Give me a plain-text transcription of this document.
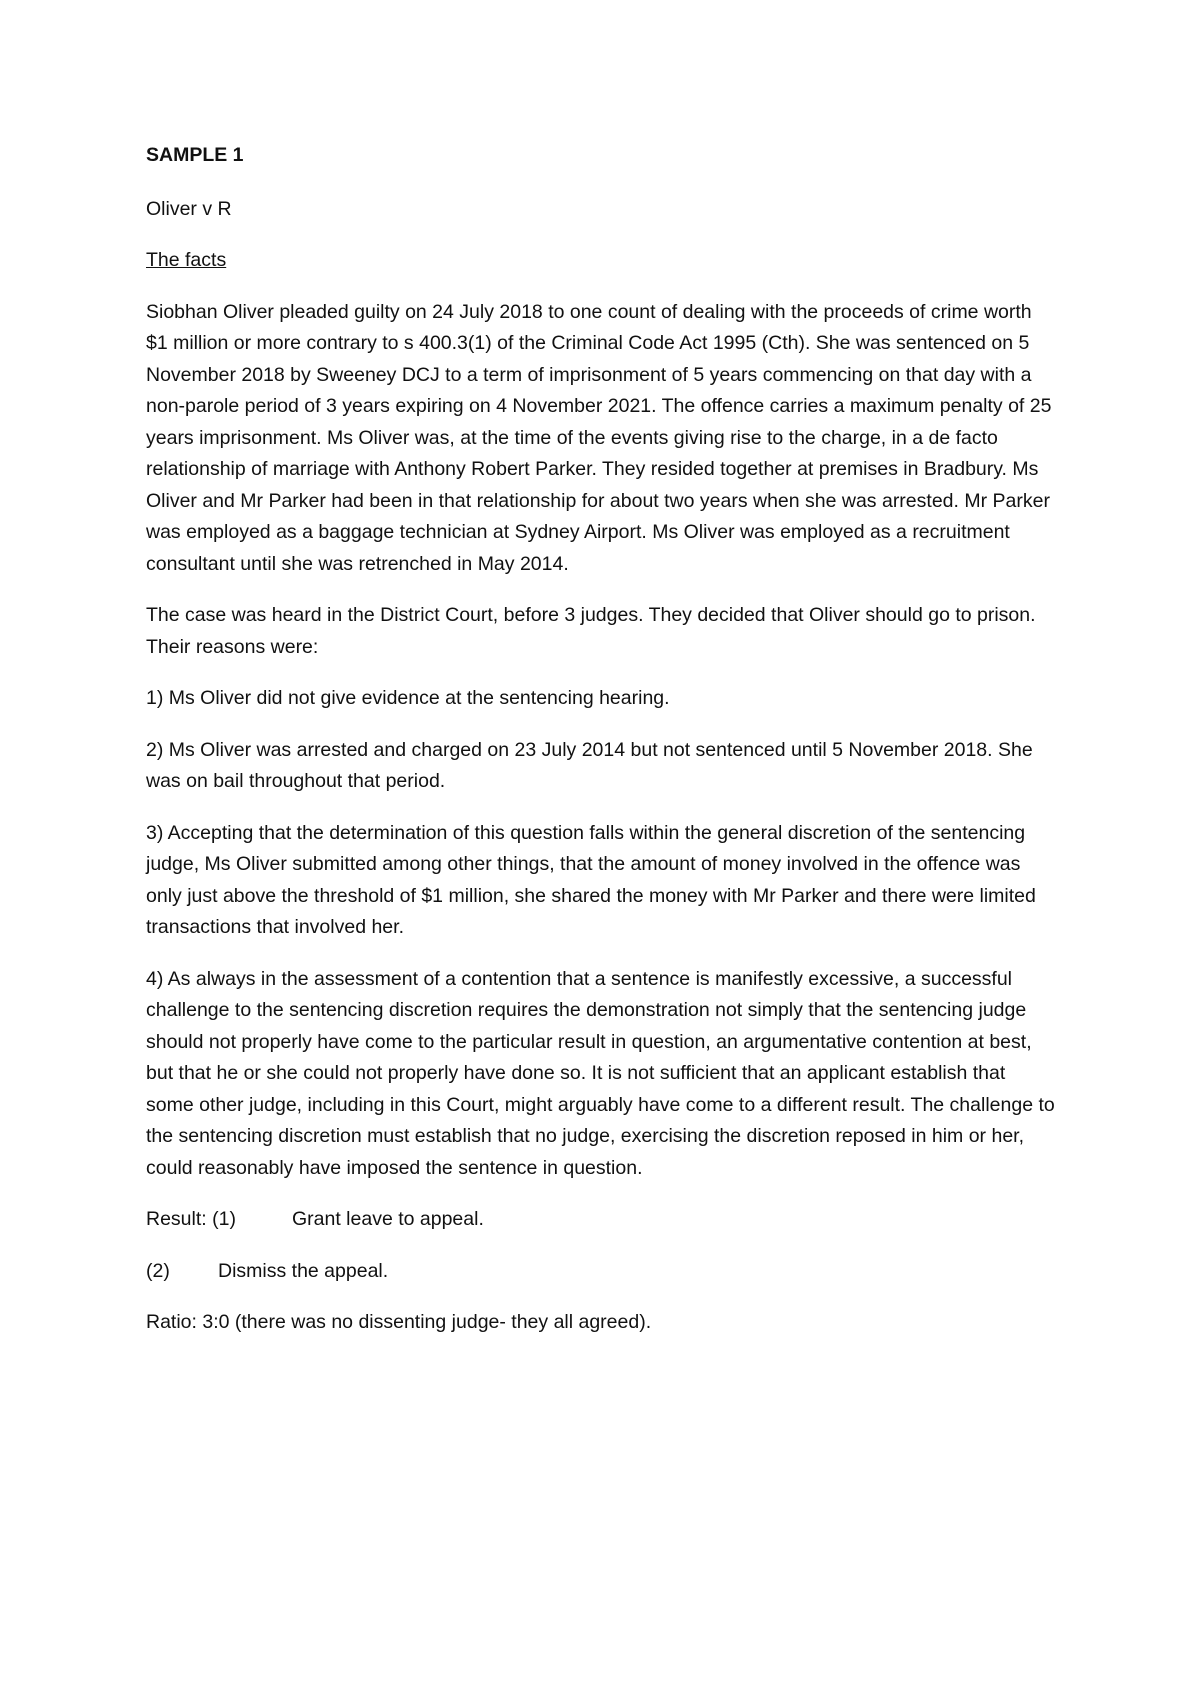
SAMPLE 1

Oliver v R

The facts

Siobhan Oliver pleaded guilty on 24 July 2018 to one count of dealing with the proceeds of crime worth $1 million or more contrary to s 400.3(1) of the Criminal Code Act 1995 (Cth). She was sentenced on 5 November 2018 by Sweeney DCJ to a term of imprisonment of 5 years commencing on that day with a non-parole period of 3 years expiring on 4 November 2021. The offence carries a maximum penalty of 25 years imprisonment. Ms Oliver was, at the time of the events giving rise to the charge, in a de facto relationship of marriage with Anthony Robert Parker. They resided together at premises in Bradbury. Ms Oliver and Mr Parker had been in that relationship for about two years when she was arrested. Mr Parker was employed as a baggage technician at Sydney Airport. Ms Oliver was employed as a recruitment consultant until she was retrenched in May 2014.

The case was heard in the District Court, before 3 judges. They decided that Oliver should go to prison. Their reasons were:

1) Ms Oliver did not give evidence at the sentencing hearing.

2) Ms Oliver was arrested and charged on 23 July 2014 but not sentenced until 5 November 2018. She was on bail throughout that period.

3) Accepting that the determination of this question falls within the general discretion of the sentencing judge, Ms Oliver submitted among other things, that the amount of money involved in the offence was only just above the threshold of $1 million, she shared the money with Mr Parker and there were limited transactions that involved her.

4) As always in the assessment of a contention that a sentence is manifestly excessive, a successful challenge to the sentencing discretion requires the demonstration not simply that the sentencing judge should not properly have come to the particular result in question, an argumentative contention at best, but that he or she could not properly have done so. It is not sufficient that an applicant establish that some other judge, including in this Court, might arguably have come to a different result. The challenge to the sentencing discretion must establish that no judge, exercising the discretion reposed in him or her, could reasonably have imposed the sentence in question.

Result: (1)	Grant leave to appeal.
(2)	Dismiss the appeal.

Ratio: 3:0 (there was no dissenting judge- they all agreed).
